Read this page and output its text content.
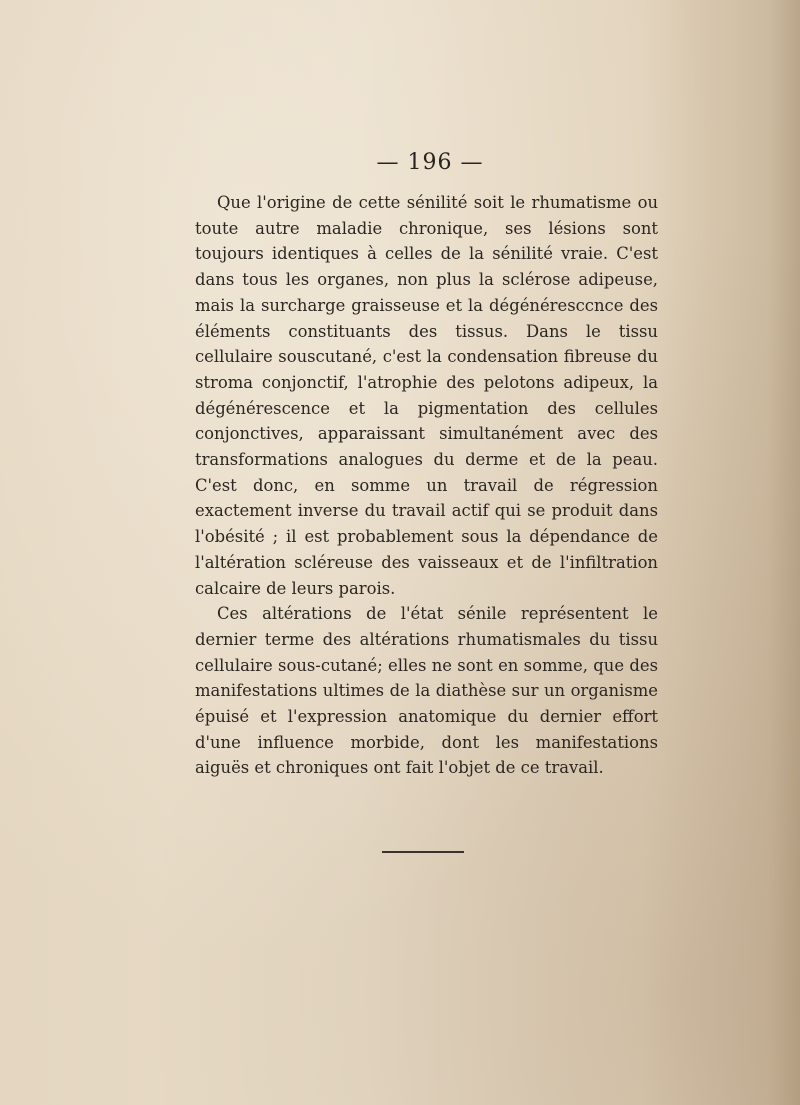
— 196 —

Que l'origine de cette sénilité soit le rhumatisme ou toute autre maladie chronique, ses lésions sont toujours identiques à celles de la sénilité vraie. C'est dans tous les organes, non plus la sclérose adipeuse, mais la surcharge graisseuse et la dégénéresccnce des éléments constituants des tissus. Dans le tissu cellulaire souscutané, c'est la condensation fibreuse du stroma conjonctif, l'atrophie des pelotons adipeux, la dégénérescence et la pigmentation des cellules conjonctives, apparaissant simultanément avec des transformations analogues du derme et de la peau. C'est donc, en somme un travail de régression exactement inverse du travail actif qui se produit dans l'obésité ; il est probablement sous la dépendance de l'altération scléreuse des vaisseaux et de l'infiltration calcaire de leurs parois.

Ces altérations de l'état sénile représentent le dernier terme des altérations rhumatismales du tissu cellulaire sous-cutané; elles ne sont en somme, que des manifestations ultimes de la diathèse sur un organisme épuisé et l'expression anatomique du dernier effort d'une influence morbide, dont les manifestations aiguës et chroniques ont fait l'objet de ce travail.
